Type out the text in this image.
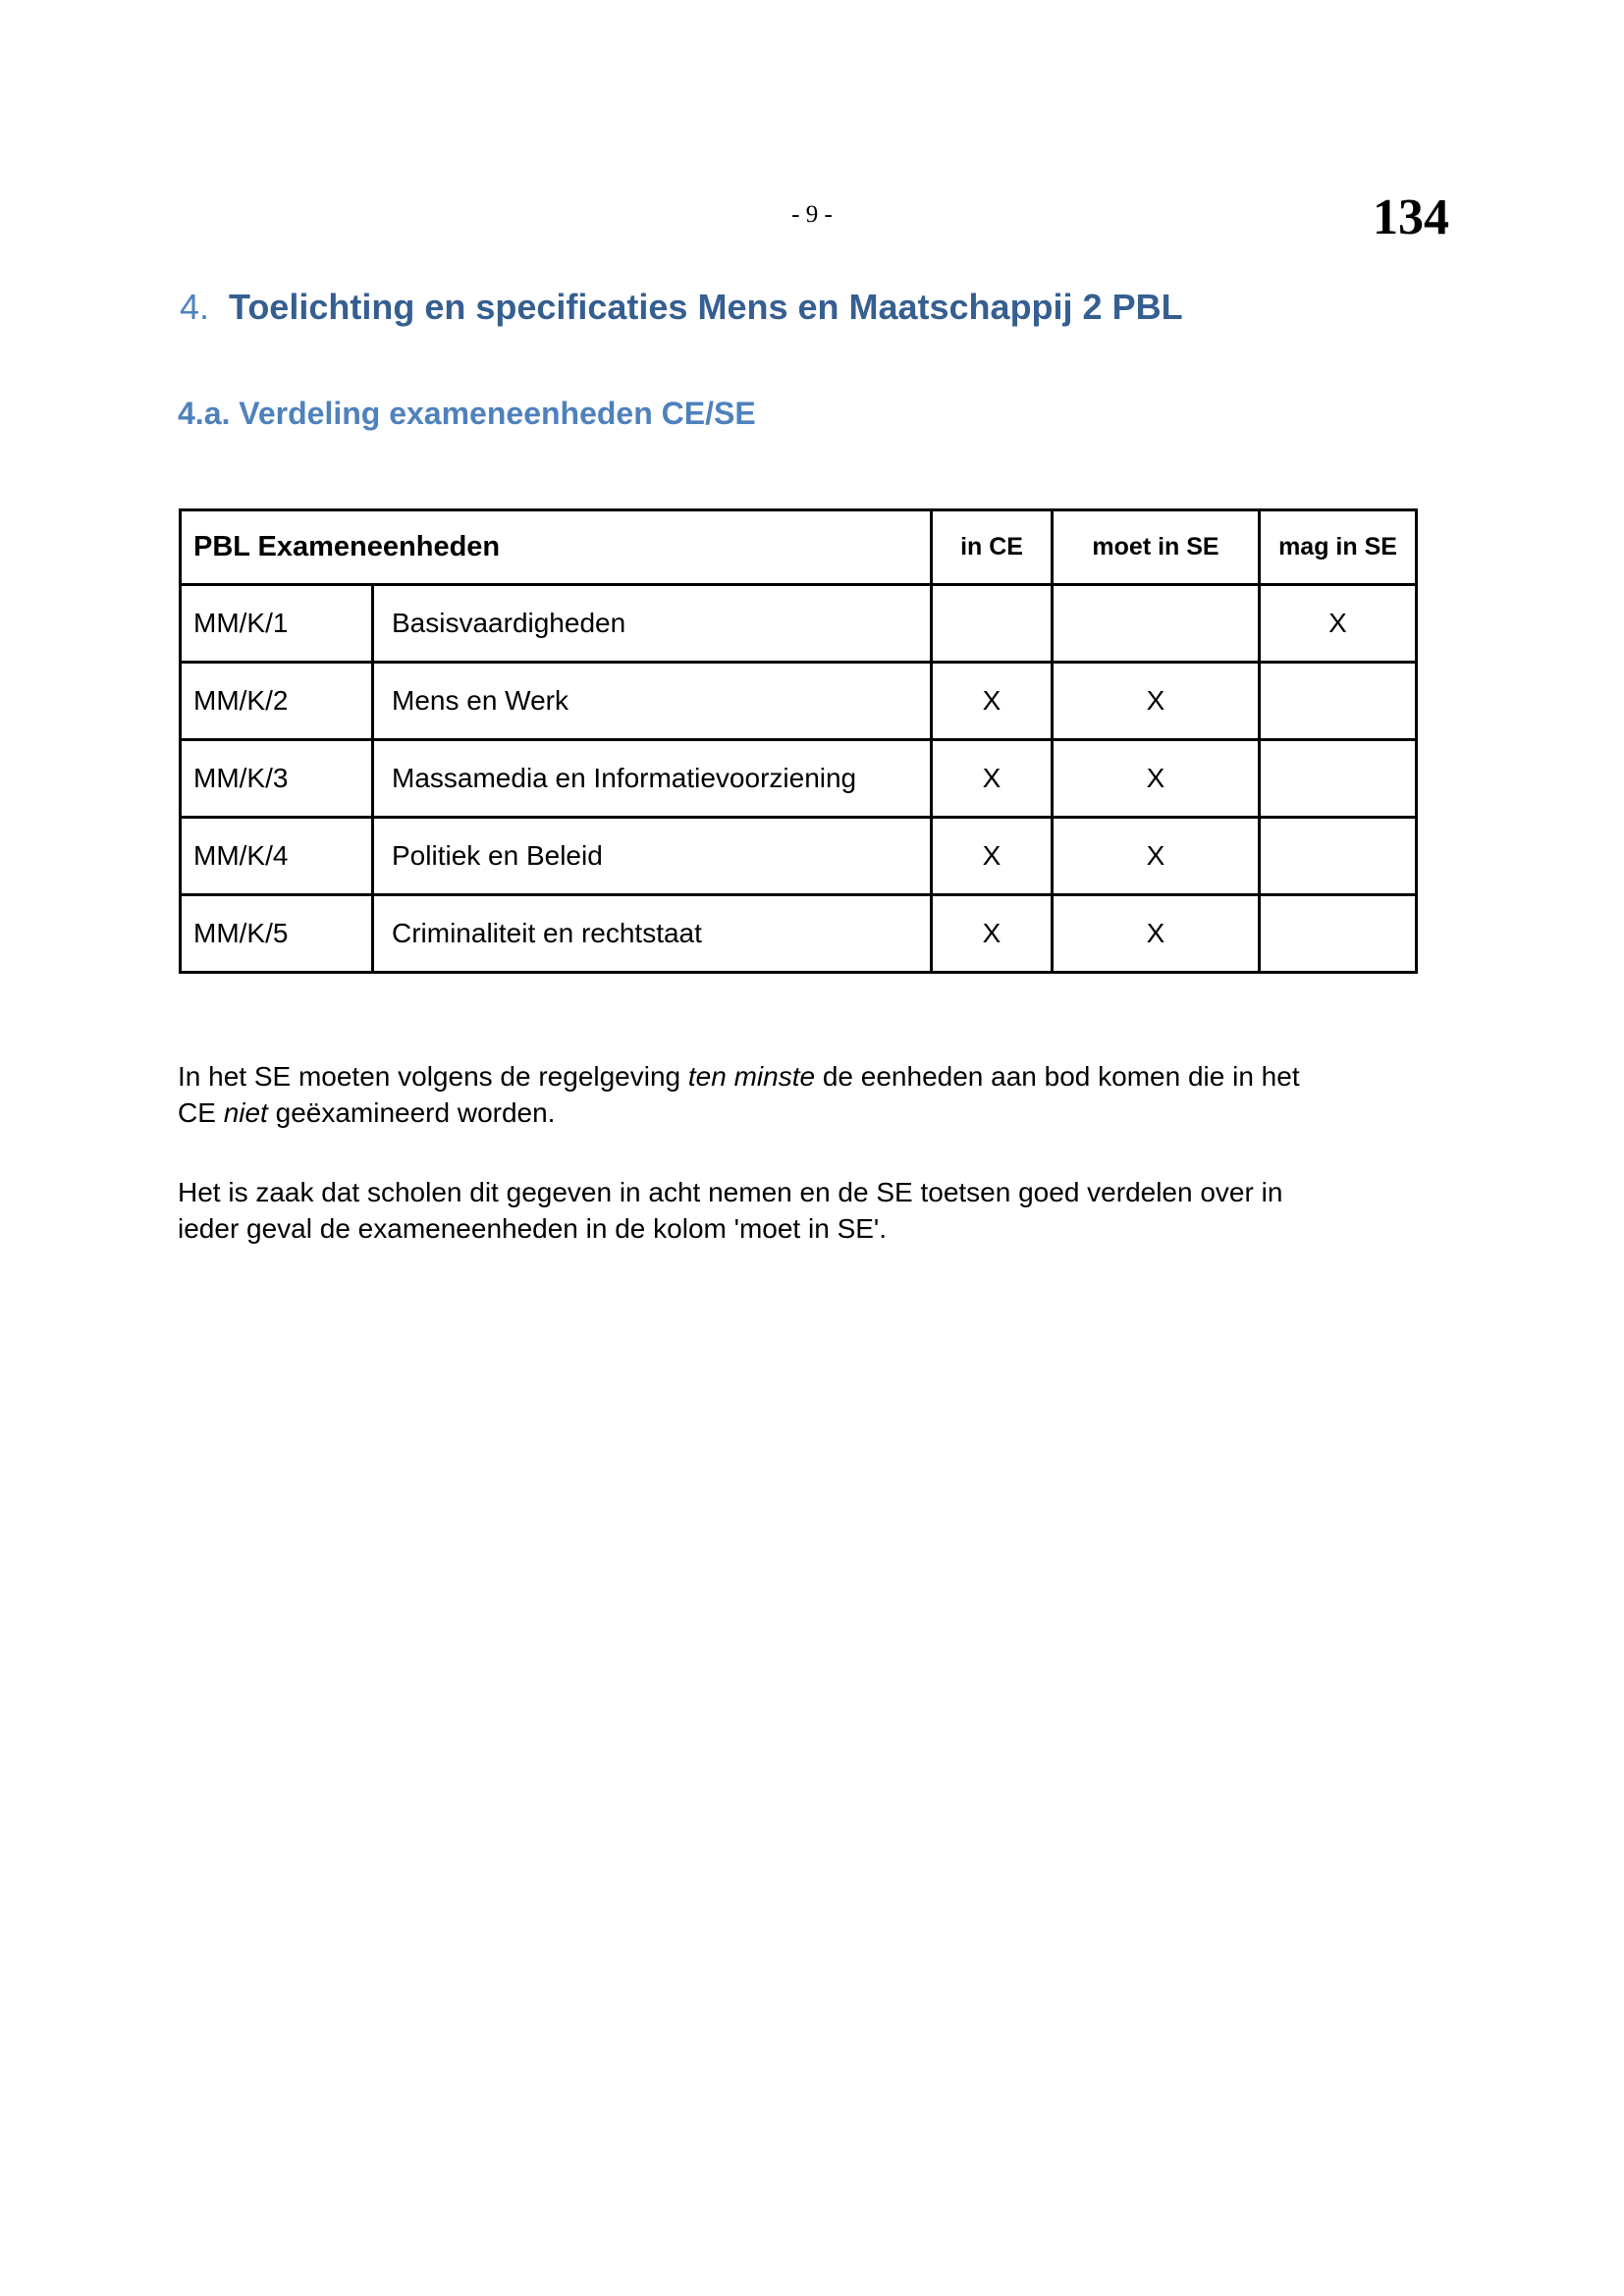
- 9 -	134
4. Toelichting en specificaties Mens en Maatschappij 2 PBL
4.a. Verdeling exameneenheden CE/SE
PBL Exameneenheden		in CE	moet in SE	mag in SE
MM/K/1	Basisvaardigheden			X
MM/K/2	Mens en Werk	X	X	
MM/K/3	Massamedia en Informatievoorziening	X	X	
MM/K/4	Politiek en Beleid	X	X	
MM/K/5	Criminaliteit en rechtstaat	X	X	

In het SE moeten volgens de regelgeving ten minste de eenheden aan bod komen die in het
CE niet geëxamineerd worden.

Het is zaak dat scholen dit gegeven in acht nemen en de SE toetsen goed verdelen over in
ieder geval de exameneenheden in de kolom 'moet in SE'.
